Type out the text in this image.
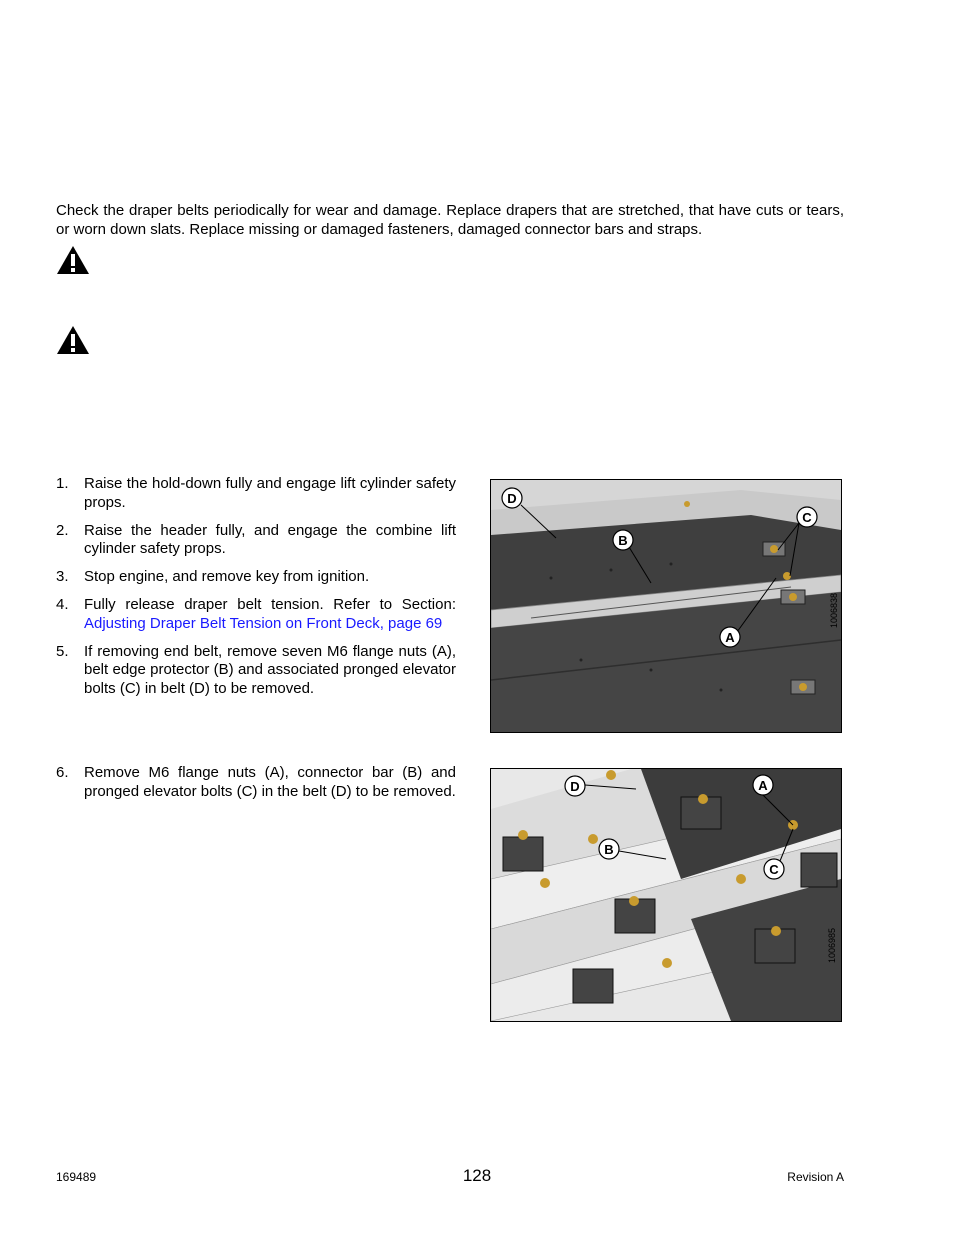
Check the draper belts periodically for wear and damage. Replace drapers that are stretched, that have cuts or tears, or worn down slats. Replace missing or damaged fasteners, damaged connector bars and straps.

1. Raise the hold-down fully and engage lift cylinder safety props.
2. Raise the header fully, and engage the combine lift cylinder safety props.
3. Stop engine, and remove key from ignition.
4. Fully release draper belt tension. Refer to Section: Adjusting Draper Belt Tension on Front Deck, page 69
5. If removing end belt, remove seven M6 flange nuts (A), belt edge protector (B) and associated pronged elevator bolts (C) in belt (D) to be removed.
6. Remove M6 flange nuts (A), connector bar (B) and pronged elevator bolts (C) in the belt (D) to be removed.
D
B
C
A
1006838
D	A
B
C
1006985
169489	128	Revision A
